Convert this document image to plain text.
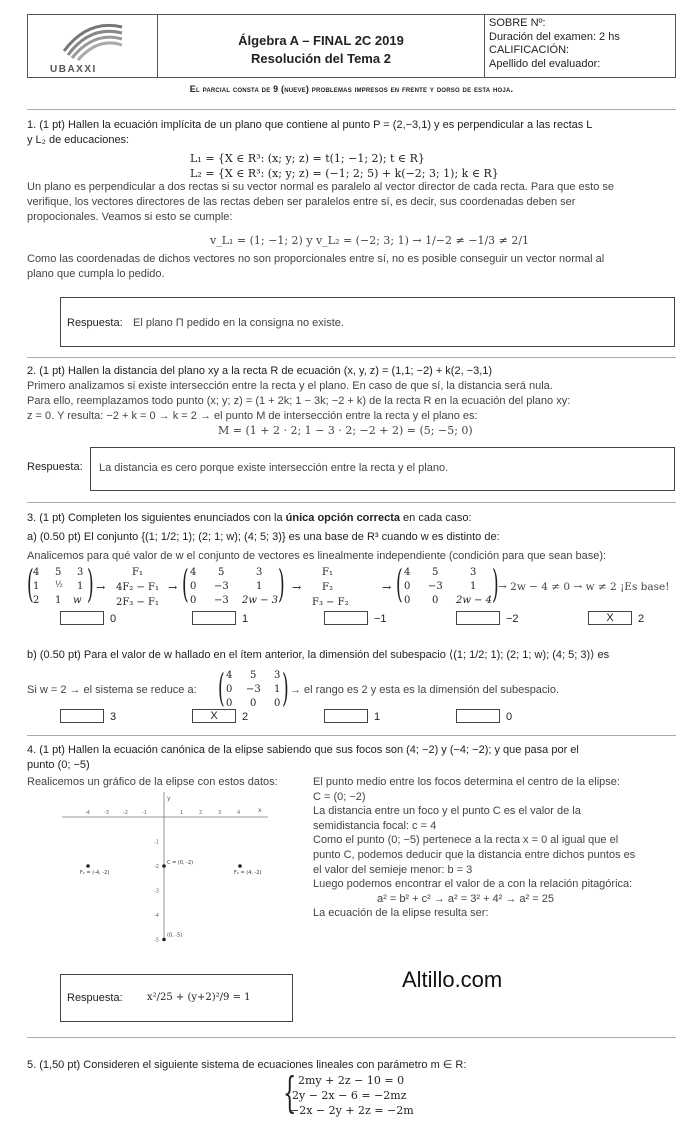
UBAXXI
Álgebra A – FINAL 2C 2019
Resolución del Tema 2
SOBRE Nº:
Duración del examen: 2 hs
CALIFICACIÓN:
Apellido del evaluador:
El parcial consta de 9 (nueve) problemas impresos en frente y dorso de esta hoja.
1. (1 pt) Hallen la ecuación implícita de un plano que contiene al punto P = (2,−3,1) y es perpendicular a las rectas L
y L₂ de educaciones:
L₁ = {X ∈ R³: (x; y; z) = t(1; −1; 2); t ∈ R}
L₂ = {X ∈ R³: (x; y; z) = (−1; 2; 5) + k(−2; 3; 1); k ∈ R}
Un plano es perpendicular a dos rectas si su vector normal es paralelo al vector director de cada recta. Para que esto se
verifique, los vectores directores de las rectas deben ser paralelos entre sí, es decir, sus coordenadas deben ser
propocionales. Veamos si esto se cumple:
v_L₁ = (1; −1; 2) y v_L₂ = (−2; 3; 1) → 1/−2 ≠ −1/3 ≠ 2/1
Como las coordenadas de dichos vectores no son proporcionales entre sí, no es posible conseguir un vector normal al
plano que cumpla lo pedido.
Respuesta: El plano Π pedido en la consigna no existe.
2. (1 pt) Hallen la distancia del plano xy a la recta R de ecuación (x, y, z) = (1,1; −2) + k(2, −3,1)
Primero analizamos si existe intersección entre la recta y el plano. En caso de que sí, la distancia será nula.
Para ello, reemplazamos todo punto (x; y; z) = (1 + 2k; 1 − 3k; −2 + k) de la recta R en la ecuación del plano xy:
z = 0. Y resulta: −2 + k = 0 → k = 2 → el punto M de intersección entre la recta y el plano es:
M = (1 + 2 · 2; 1 − 3 · 2; −2 + 2) = (5; −5; 0)
Respuesta: La distancia es cero porque existe intersección entre la recta y el plano.
3. (1 pt) Completen los siguientes enunciados con la única opción correcta en cada caso:
a) (0.50 pt) El conjunto {(1; 1/2; 1); (2; 1; w); (4; 5; 3)} es una base de R³ cuando w es distinto de:
Analicemos para qué valor de w el conjunto de vectores es linealmente independiente (condición para que sean base):
( 4 5 3
1 ½ 1
2 1 w ) →
F₁
4F₂ − F₁
2F₃ − F₁
→ ( 4 5	3
0 −3	1
0 −3 2w − 3 ) →
F₁
F₂
F₃ − F₂
→ ( 4 5	3
0 −3	1
0 0 2w − 4 ) → 2w − 4 ≠ 0 → w ≠ 2 ¡Es base!
0	1	−1	−2	X	2
b) (0.50 pt) Para el valor de w hallado en el ítem anterior, la dimensión del subespacio ⟨(1; 1/2; 1); (2; 1; w); (4; 5; 3)⟩ es
Si w = 2 → el sistema se reduce a: ( 4 5 3
0 −3 1
0 0 0 ) → el rango es 2 y esta es la dimensión del subespacio.
3	X	2	1	0
4. (1 pt) Hallen la ecuación canónica de la elipse sabiendo que sus focos son (4; −2) y (−4; −2); y que pasa por el
punto (0; −5)
Realicemos un gráfico de la elipse con estos datos:
x
y
-4	-3	-2	-1	1	2	3	4
-1
-2
-3
-4
-5
F₁ = (-4, -2)
C = (0, -2)
F₂ = (4, -2)
(0, -5)
Altillo.com
Respuesta: x²/25 + (y+2)²/9 = 1
5. (1,50 pt) Consideren el siguiente sistema de ecuaciones lineales con parámetro m ∈ R:
{ 2my + 2z − 10 = 0
2y − 2x − 6 = −2mz
−2x − 2y + 2z = −2m
El punto medio entre los focos determina el centro de la elipse:
C = (0; −2)
La distancia entre un foco y el punto C es el valor de la
semidistancia focal: c = 4
Como el punto (0; −5) pertenece a la recta x = 0 al igual que el
punto C, podemos deducir que la distancia entre dichos puntos es
el valor del semieje menor: b = 3
Luego podemos encontrar el valor de a con la relación pitagórica:
a² = b² + c² → a² = 3² + 4² → a² = 25
La ecuación de la elipse resulta ser:
